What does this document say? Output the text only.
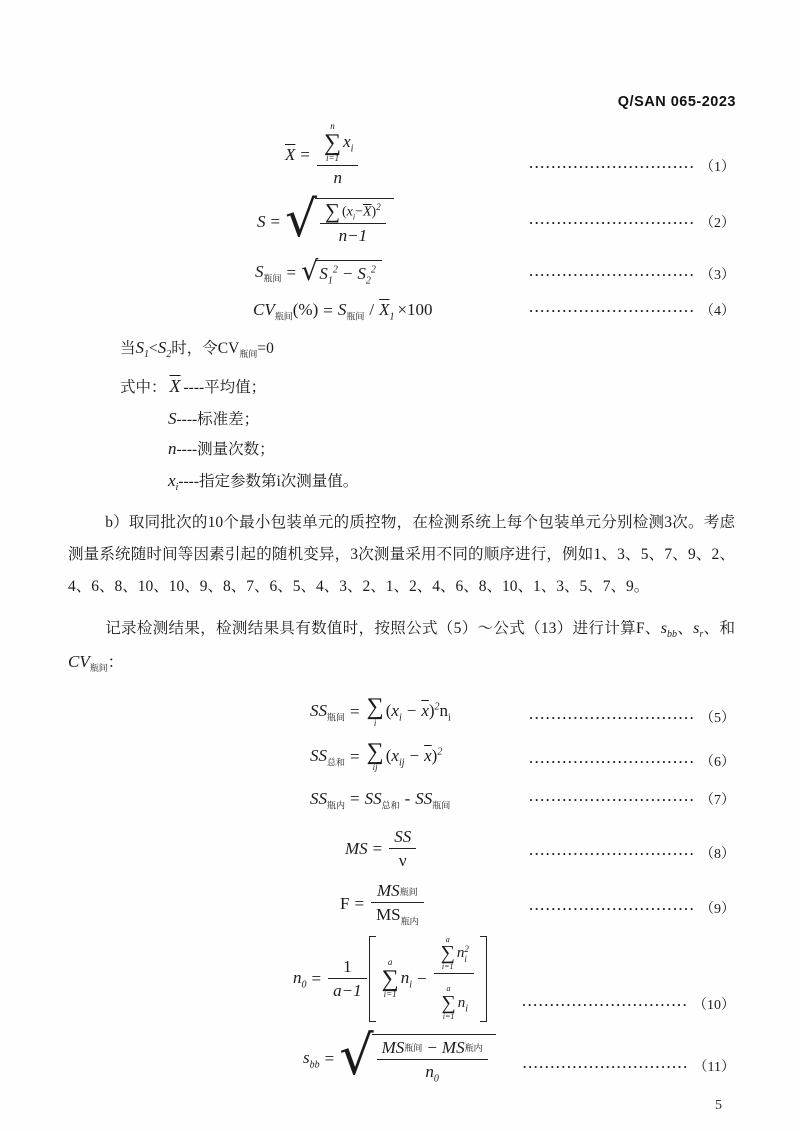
Q/SAN 065-2023
$\overline{X} = n$
∑
i=1
$x_i$
n	······························ （1）
S = √ $\frac{\sum (x_i-\overline{X})^2}{n-1}$	······························ （2）
$S_{瓶间}$ = √ $S_1^2 - S_2^2$	······························ （3）
$CV_{瓶间}(\%) = S_{瓶间} / \overline{X}_1 \times 100$	······························ （4）
当$S_1<S_2$时，令$CV_{瓶间}=0$
式中： $\overline{X}$ ----平均值；
S----标准差；
n----测量次数；
$x_i----$指定参数第i次测量值。

b）取同批次的10个最小包装单元的质控物，在检测系统上每个包装单元分别检测3次。考虑测量系统随时间等因素引起的随机变异，3次测量采用不同的顺序进行，例如1、3、5、7、9、2、4、6、8、10、10、9、8、7、6、5、4、3、2、1、2、4、6、8、10、1、3、5、7、9。

记录检测结果，检测结果具有数值时，按照公式（5）～公式（13）进行计算F、$s_{bb}$、$s_r$、和$CV_{瓶间}$：

$SS_{瓶间}$ = ∑
i
$(x_i - \overline{x})^2n_i$	······························ （5）
$SS_{总和}$ = ∑
ij
$(x_{ij} - \overline{x})^2$
······························ （6）
$SS_{瓶内} = SS_{总和} - SS_{瓶间}$	······························ （7）
MS = $\frac{SS}{\nu}$	······························ （8）
$F = \frac{\text{MS 瓶间}}{MS_{瓶内}}$	······························ （9）
$n_0 = \frac{1}{a-1}$ a
∑
i=1
$n_i$ −
a
∑
i=1
n 2
i
a
∑
i=1
$n_i$	······························ （10）
$s_{bb}$ = √ $\frac{\text{MS 瓶间 − MS 瓶内}}{n_0}$	······························ （11）
5
